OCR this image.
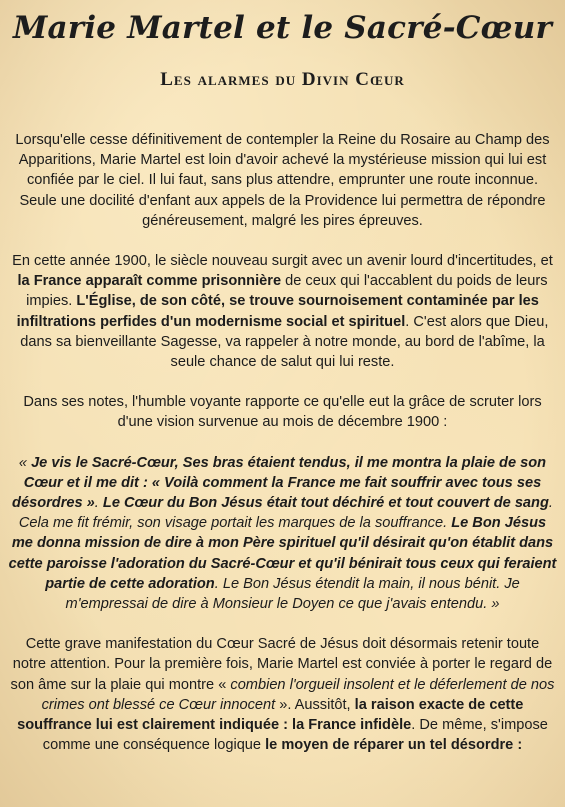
Marie Martel et le Sacré-Cœur
Les alarmes du Divin Cœur

Lorsqu'elle cesse définitivement de contempler la Reine du Rosaire au Champ des Apparitions, Marie Martel est loin d'avoir achevé la mystérieuse mission qui lui est confiée par le ciel. Il lui faut, sans plus attendre, emprunter une route inconnue. Seule une docilité d'enfant aux appels de la Providence lui permettra de répondre généreusement, malgré les pires épreuves.

En cette année 1900, le siècle nouveau surgit avec un avenir lourd d'incertitudes, et la France apparaît comme prisonnière de ceux qui l'accablent du poids de leurs impies. L'Église, de son côté, se trouve sournoisement contaminée par les infiltrations perfides d'un modernisme social et spirituel. C'est alors que Dieu, dans sa bienveillante Sagesse, va rappeler à notre monde, au bord de l'abîme, la seule chance de salut qui lui reste.

Dans ses notes, l'humble voyante rapporte ce qu'elle eut la grâce de scruter lors d'une vision survenue au mois de décembre 1900 :

« Je vis le Sacré-Cœur, Ses bras étaient tendus, il me montra la plaie de son Cœur et il me dit : « Voilà comment la France me fait souffrir avec tous ses désordres ». Le Cœur du Bon Jésus était tout déchiré et tout couvert de sang. Cela me fit frémir, son visage portait les marques de la souffrance. Le Bon Jésus me donna mission de dire à mon Père spirituel qu'il désirait qu'on établit dans cette paroisse l'adoration du Sacré-Cœur et qu'il bénirait tous ceux qui feraient partie de cette adoration. Le Bon Jésus étendit la main, il nous bénit. Je m'empressai de dire à Monsieur le Doyen ce que j'avais entendu. »

Cette grave manifestation du Cœur Sacré de Jésus doit désormais retenir toute notre attention. Pour la première fois, Marie Martel est conviée à porter le regard de son âme sur la plaie qui montre « combien l'orgueil insolent et le déferlement de nos crimes ont blessé ce Cœur innocent ». Aussitôt, la raison exacte de cette souffrance lui est clairement indiquée : la France infidèle. De même, s'impose comme une conséquence logique le moyen de réparer un tel désordre :
